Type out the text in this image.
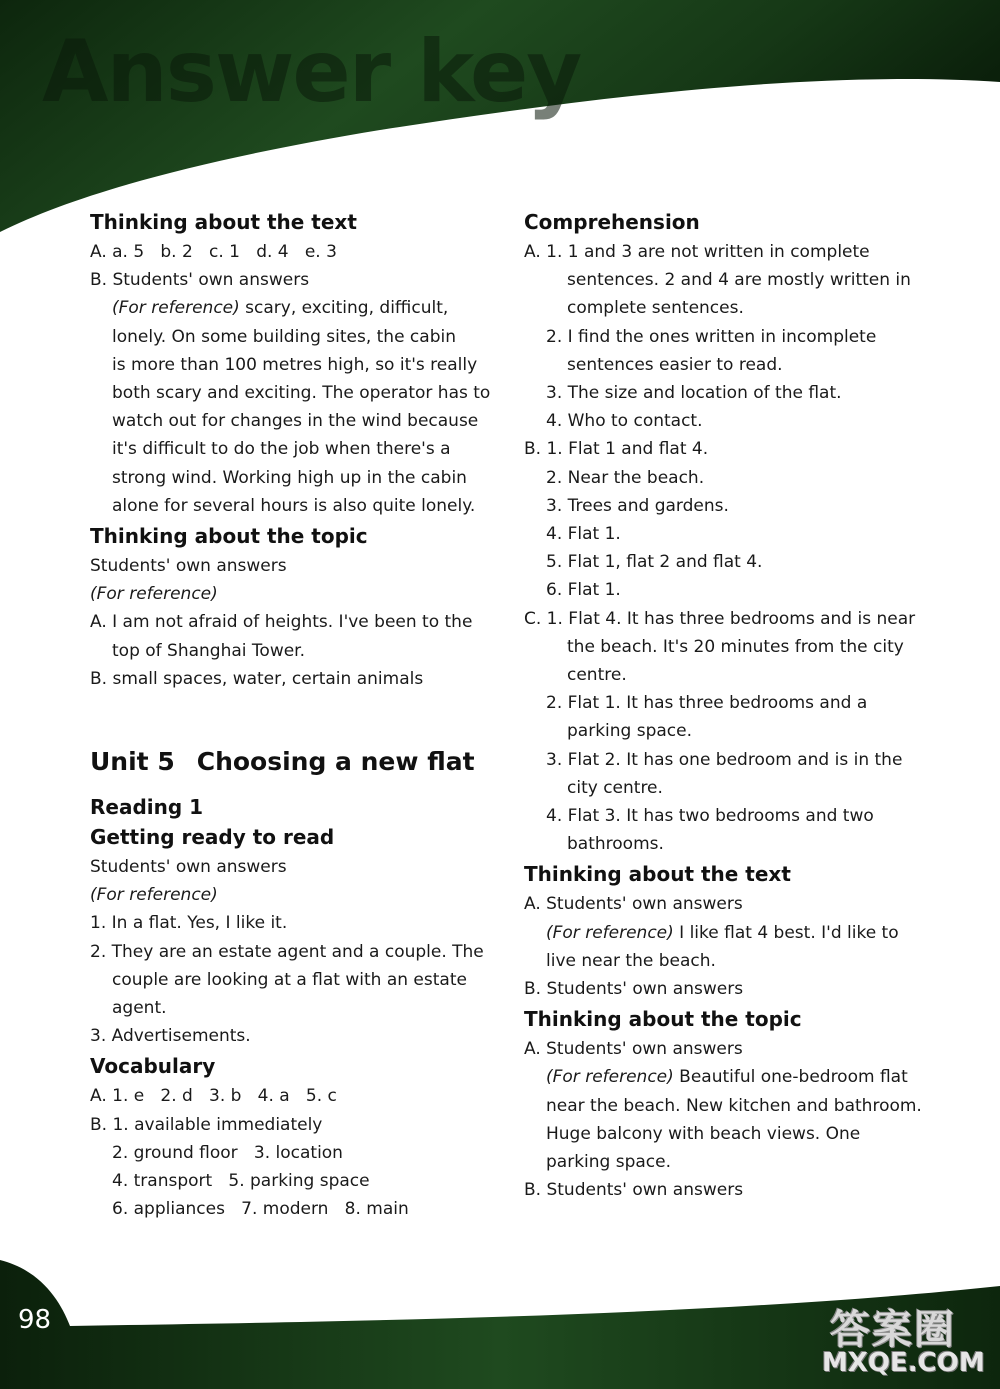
Answer key
Thinking about the text
A. a. 5   b. 2   c. 1   d. 4   e. 3
B. Students' own answers
(For reference) scary, exciting, difficult,
lonely. On some building sites, the cabin
is more than 100 metres high, so it's really
both scary and exciting. The operator has to
watch out for changes in the wind because
it's difficult to do the job when there's a
strong wind. Working high up in the cabin
alone for several hours is also quite lonely.
Thinking about the topic
Students' own answers
(For reference)
A. I am not afraid of heights. I've been to the
top of Shanghai Tower.
B. small spaces, water, certain animals
Unit 5 Choosing a new flat
Reading 1
Getting ready to read
Students' own answers
(For reference)
1. In a flat. Yes, I like it.
2. They are an estate agent and a couple. The
couple are looking at a flat with an estate
agent.
3. Advertisements.
Vocabulary
A. 1. e   2. d   3. b   4. a   5. c
B. 1. available immediately
2. ground floor   3. location
4. transport   5. parking space
6. appliances   7. modern   8. main
Comprehension
A. 1. 1 and 3 are not written in complete
sentences. 2 and 4 are mostly written in
complete sentences.
2. I find the ones written in incomplete
sentences easier to read.
3. The size and location of the flat.
4. Who to contact.
B. 1. Flat 1 and flat 4.
2. Near the beach.
3. Trees and gardens.
4. Flat 1.
5. Flat 1, flat 2 and flat 4.
6. Flat 1.
C. 1. Flat 4. It has three bedrooms and is near
the beach. It's 20 minutes from the city
centre.
2. Flat 1. It has three bedrooms and a
parking space.
3. Flat 2. It has one bedroom and is in the
city centre.
4. Flat 3. It has two bedrooms and two
bathrooms.
Thinking about the text
A. Students' own answers
(For reference) I like flat 4 best. I'd like to
live near the beach.
B. Students' own answers
Thinking about the topic
A. Students' own answers
(For reference) Beautiful one-bedroom flat
near the beach. New kitchen and bathroom.
Huge balcony with beach views. One
parking space.
B. Students' own answers
98	答案圈
MXQE.COM
